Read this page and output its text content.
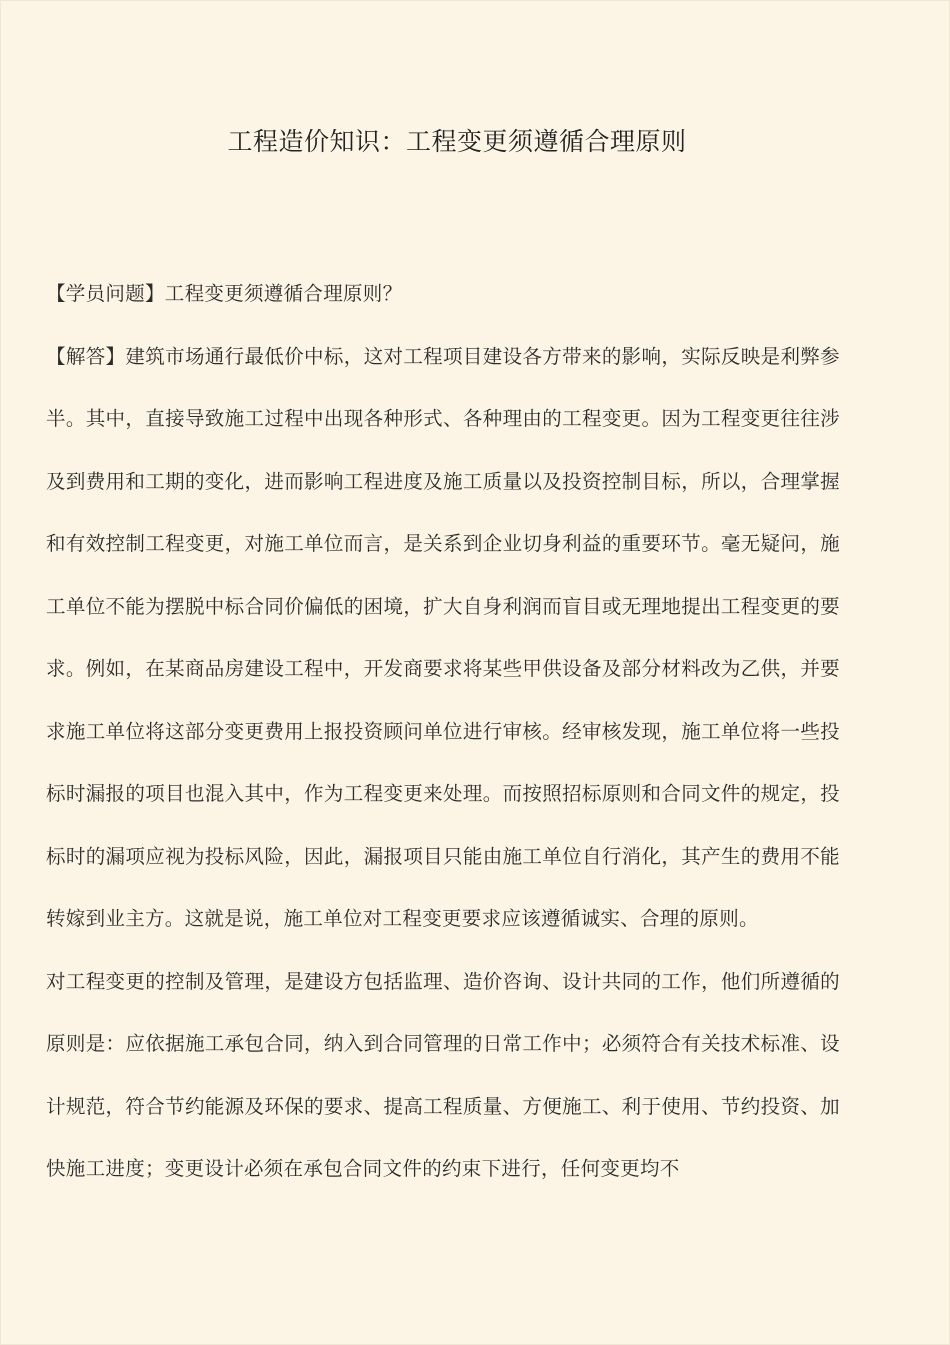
工程造价知识：工程变更须遵循合理原则

【学员问题】工程变更须遵循合理原则？

【解答】建筑市场通行最低价中标，这对工程项目建设各方带来的影响，实际反映是利弊参半。其中，直接导致施工过程中出现各种形式、各种理由的工程变更。因为工程变更往往涉及到费用和工期的变化，进而影响工程进度及施工质量以及投资控制目标，所以，合理掌握和有效控制工程变更，对施工单位而言，是关系到企业切身利益的重要环节。毫无疑问，施工单位不能为摆脱中标合同价偏低的困境，扩大自身利润而盲目或无理地提出工程变更的要求。例如，在某商品房建设工程中，开发商要求将某些甲供设备及部分材料改为乙供，并要求施工单位将这部分变更费用上报投资顾问单位进行审核。经审核发现，施工单位将一些投标时漏报的项目也混入其中，作为工程变更来处理。而按照招标原则和合同文件的规定，投标时的漏项应视为投标风险，因此，漏报项目只能由施工单位自行消化，其产生的费用不能转嫁到业主方。这就是说，施工单位对工程变更要求应该遵循诚实、合理的原则。

对工程变更的控制及管理，是建设方包括监理、造价咨询、设计共同的工作，他们所遵循的原则是：应依据施工承包合同，纳入到合同管理的日常工作中；必须符合有关技术标准、设计规范，符合节约能源及环保的要求、提高工程质量、方便施工、利于使用、节约投资、加快施工进度；变更设计必须在承包合同文件的约束下进行，任何变更均不
